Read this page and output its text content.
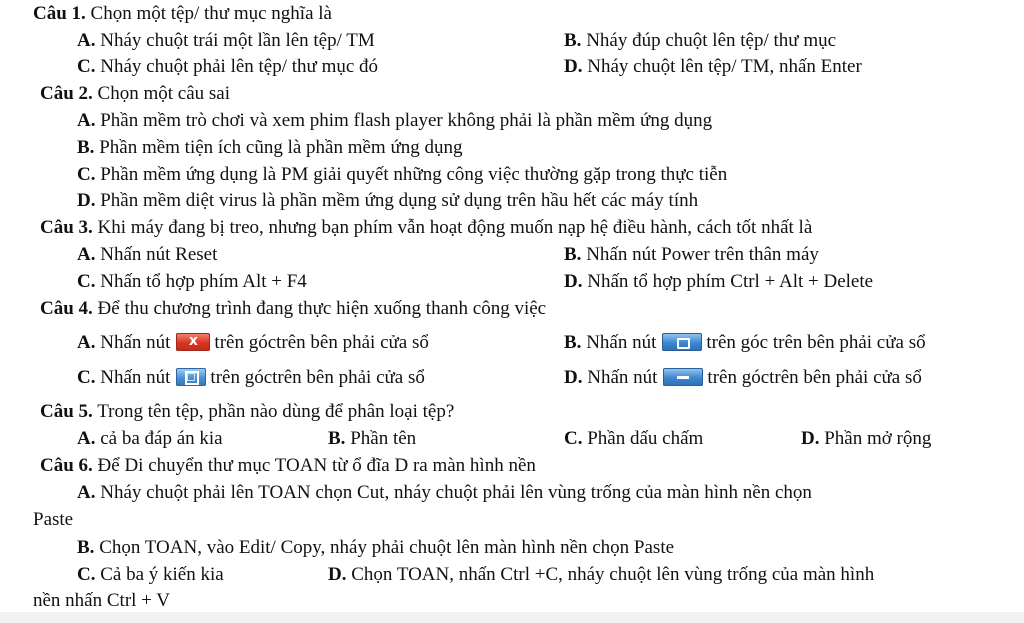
Câu 1. Chọn một tệp/ thư mục nghĩa là
A. Nháy chuột trái một lần lên tệp/ TM	B. Nháy đúp chuột lên tệp/ thư mục
C. Nháy chuột phải lên tệp/ thư mục đó	D. Nháy chuột lên tệp/ TM, nhấn Enter
Câu 2. Chọn một câu sai
A. Phần mềm trò chơi và xem phim flash player không phải là phần mềm ứng dụng
B. Phần mềm tiện ích cũng là phần mềm ứng dụng
C. Phần mềm ứng dụng là PM giải quyết những công việc thường gặp trong thực tiễn
D. Phần mềm diệt virus là phần mềm ứng dụng sử dụng trên hầu hết các máy tính
Câu 3. Khi máy đang bị treo, nhưng bạn phím vẫn hoạt động muốn nạp hệ điều hành, cách tốt nhất là
A. Nhấn nút Reset	B. Nhấn nút Power trên thân máy
C. Nhấn tổ hợp phím Alt + F4	D. Nhấn tổ hợp phím Ctrl + Alt + Delete
Câu 4. Để thu chương trình đang thực hiện xuống thanh công việc
A. Nhấn nútx trên góctrên bên phải cửa sổ	B. Nhấn nút	trên góc trên bên phải cửa sổ
C. Nhấn nút trên góctrên bên phải cửa sổ	D. Nhấn nút	trên góctrên bên phải cửa sổ
Câu 5. Trong tên tệp, phần nào dùng để phân loại tệp?
A. cả ba đáp án kia	B. Phần tên	C. Phần dấu chấm	D. Phần mở rộng
Câu 6. Để Di chuyển thư mục TOAN từ ổ đĩa D ra màn hình nền
A. Nháy chuột phải lên TOAN chọn Cut, nháy chuột phải lên vùng trống của màn hình nền chọn
Paste
B. Chọn TOAN, vào Edit/ Copy, nháy phải chuột lên màn hình nền chọn Paste
C. Cả ba ý kiến kia	D. Chọn TOAN, nhấn Ctrl +C, nháy chuột lên vùng trống của màn hình
nền nhấn Ctrl + V
